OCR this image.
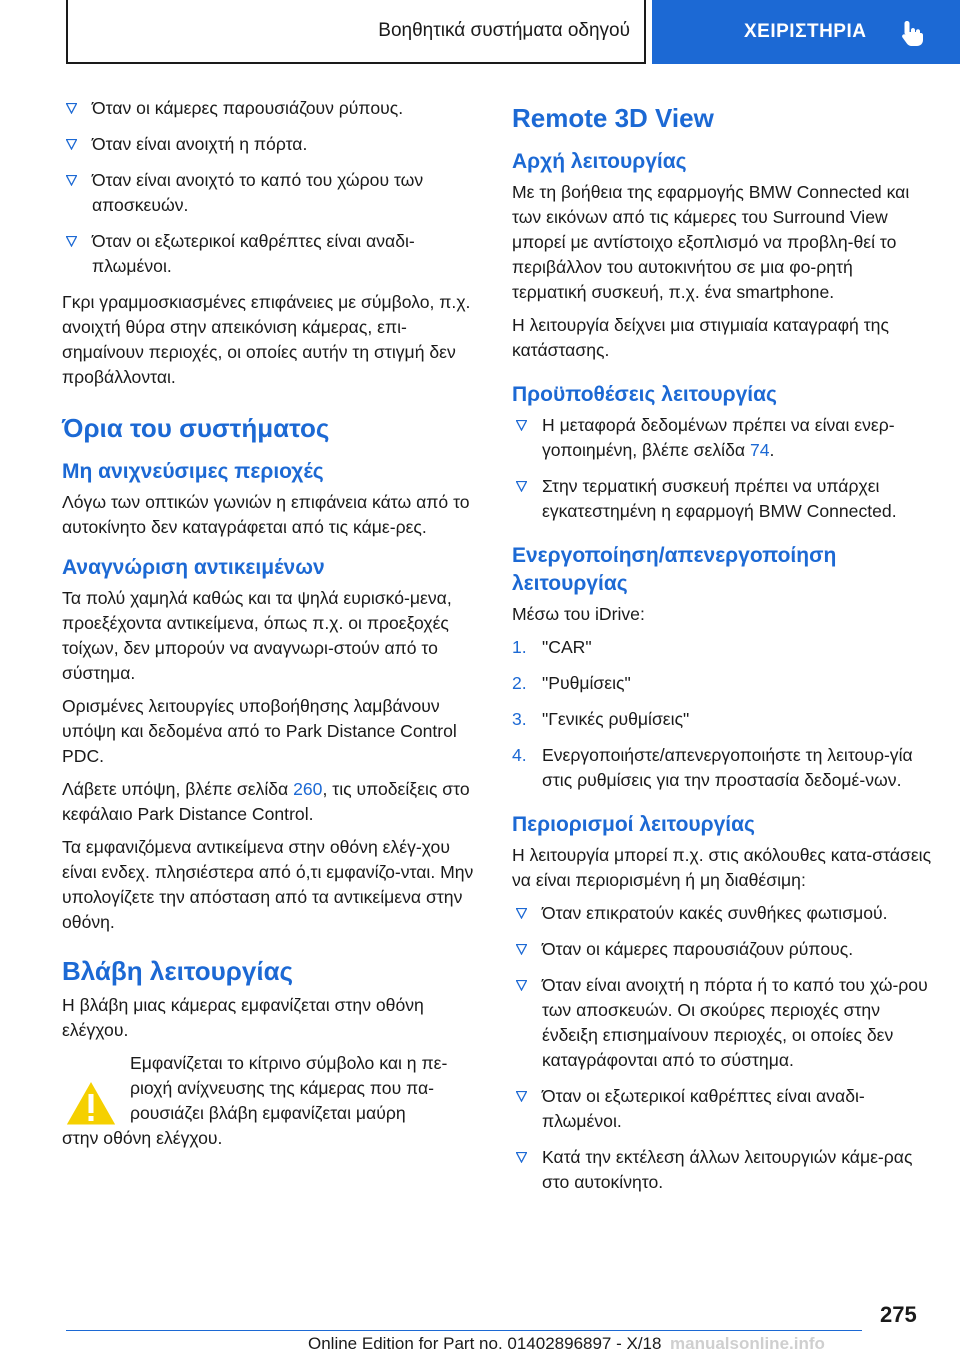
Βοηθητικά συστήματα οδηγού	ΧΕΙΡΙΣΤΗΡΙΑ
Όταν οι κάμερες παρουσιάζουν ρύπους.
Όταν είναι ανοιχτή η πόρτα.
Όταν είναι ανοιχτό το καπό του χώρου των αποσκευών.
Όταν οι εξωτερικοί καθρέπτες είναι αναδι-πλωμένοι.
Γκρι γραμμοσκιασμένες επιφάνειες με σύμβολο, π.χ. ανοιχτή θύρα στην απεικόνιση κάμερας, επι-σημαίνουν περιοχές, οι οποίες αυτήν τη στιγμή δεν προβάλλονται.
Όρια του συστήματος
Μη ανιχνεύσιμες περιοχές
Λόγω των οπτικών γωνιών η επιφάνεια κάτω από το αυτοκίνητο δεν καταγράφεται από τις κάμε-ρες.
Αναγνώριση αντικειμένων
Τα πολύ χαμηλά καθώς και τα ψηλά ευρισκό-μενα, προεξέχοντα αντικείμενα, όπως π.χ. οι προεξοχές τοίχων, δεν μπορούν να αναγνωρι-στούν από το σύστημα.
Ορισμένες λειτουργίες υποβοήθησης λαμβάνουν υπόψη και δεδομένα από το Park Distance Control PDC.
Λάβετε υπόψη, βλέπε σελίδα 260, τις υποδείξεις στο κεφάλαιο Park Distance Control.
Τα εμφανιζόμενα αντικείμενα στην οθόνη ελέγ-χου είναι ενδεχ. πλησιέστερα από ό,τι εμφανίζο-νται. Μην υπολογίζετε την απόσταση από τα αντικείμενα στην οθόνη.
Βλάβη λειτουργίας
Η βλάβη μιας κάμερας εμφανίζεται στην οθόνη ελέγχου.
Εμφανίζεται το κίτρινο σύμβολο και η πε-
ριοχή ανίχνευσης της κάμερας που πα-
ρουσιάζει βλάβη εμφανίζεται μαύρη
στην οθόνη ελέγχου.
Remote 3D View
Αρχή λειτουργίας
Με τη βοήθεια της εφαρμογής BMW Connected και των εικόνων από τις κάμερες του Surround View μπορεί με αντίστοιχο εξοπλισμό να προβλη-θεί το περιβάλλον του αυτοκινήτου σε μια φο-ρητή τερματική συσκευή, π.χ. ένα smartphone.
Η λειτουργία δείχνει μια στιγμιαία καταγραφή της κατάστασης.
Προϋποθέσεις λειτουργίας
Η μεταφορά δεδομένων πρέπει να είναι ενερ-γοποιημένη, βλέπε σελίδα 74.
Στην τερματική συσκευή πρέπει να υπάρχει εγκατεστημένη η εφαρμογή BMW Connected.
Ενεργοποίηση/απενεργοποίηση λειτουργίας
Μέσω του iDrive:
1. "CAR"
2. "Ρυθμίσεις"
3. "Γενικές ρυθμίσεις"
4. Ενεργοποιήστε/απενεργοποιήστε τη λειτουρ-γία στις ρυθμίσεις για την προστασία δεδομέ-νων.
Περιορισμοί λειτουργίας
Η λειτουργία μπορεί π.χ. στις ακόλουθες κατα-στάσεις να είναι περιορισμένη ή μη διαθέσιμη:
Όταν επικρατούν κακές συνθήκες φωτισμού.
Όταν οι κάμερες παρουσιάζουν ρύπους.
Όταν είναι ανοιχτή η πόρτα ή το καπό του χώ-ρου των αποσκευών. Οι σκούρες περιοχές στην ένδειξη επισημαίνουν περιοχές, οι οποίες δεν καταγράφονται από το σύστημα.
Όταν οι εξωτερικοί καθρέπτες είναι αναδι-πλωμένοι.
Κατά την εκτέλεση άλλων λειτουργιών κάμε-ρας στο αυτοκίνητο.
275
Online Edition for Part no. 01402896897 - X/18 manualsonline.info
